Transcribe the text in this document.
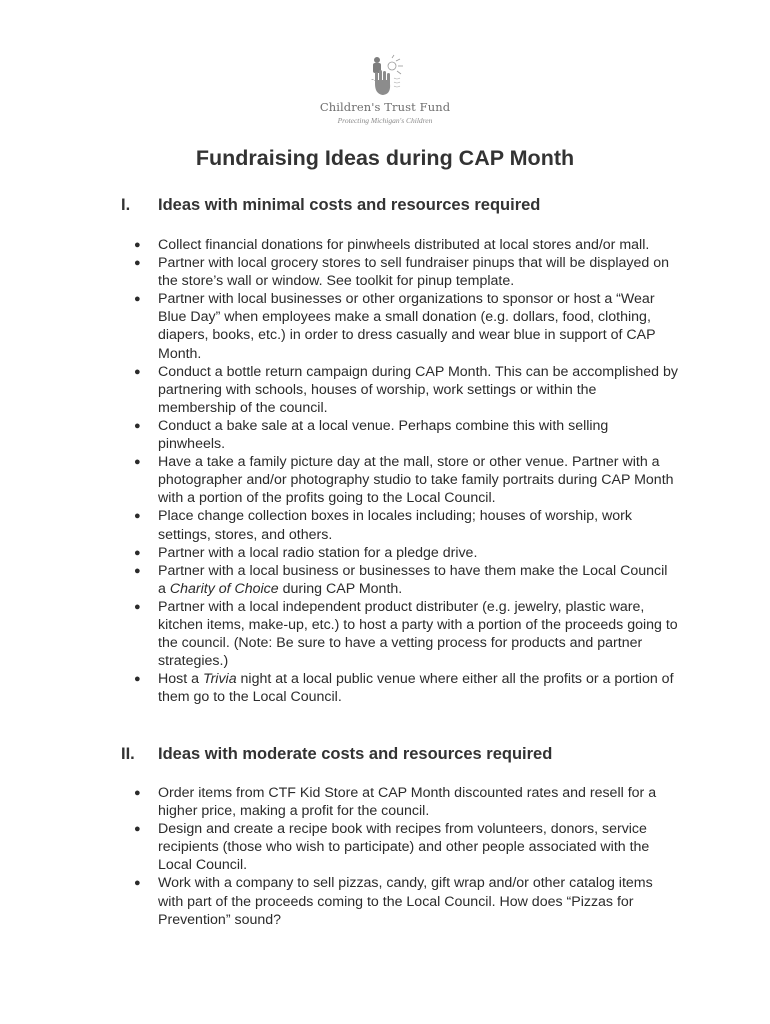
Children's Trust Fund
Protecting Michigan's Children
Fundraising Ideas during CAP Month
I. Ideas with minimal costs and resources required
● Collect financial donations for pinwheels distributed at local stores and/or mall.
● Partner with local grocery stores to sell fundraiser pinups that will be displayed on the store’s wall or window. See toolkit for pinup template.
● Partner with local businesses or other organizations to sponsor or host a “Wear Blue Day” when employees make a small donation (e.g. dollars, food, clothing, diapers, books, etc.) in order to dress casually and wear blue in support of CAP Month.
● Conduct a bottle return campaign during CAP Month. This can be accomplished by partnering with schools, houses of worship, work settings or within the membership of the council.
● Conduct a bake sale at a local venue. Perhaps combine this with selling pinwheels.
● Have a take a family picture day at the mall, store or other venue. Partner with a photographer and/or photography studio to take family portraits during CAP Month with a portion of the profits going to the Local Council.
● Place change collection boxes in locales including; houses of worship, work settings, stores, and others.
● Partner with a local radio station for a pledge drive.
● Partner with a local business or businesses to have them make the Local Council a Charity of Choice during CAP Month.
● Partner with a local independent product distributer (e.g. jewelry, plastic ware, kitchen items, make-up, etc.) to host a party with a portion of the proceeds going to the council. (Note: Be sure to have a vetting process for products and partner strategies.)
● Host a Trivia night at a local public venue where either all the profits or a portion of them go to the Local Council.
II. Ideas with moderate costs and resources required
● Order items from CTF Kid Store at CAP Month discounted rates and resell for a higher price, making a profit for the council.
● Design and create a recipe book with recipes from volunteers, donors, service recipients (those who wish to participate) and other people associated with the Local Council.
● Work with a company to sell pizzas, candy, gift wrap and/or other catalog items with part of the proceeds coming to the Local Council. How does “Pizzas for Prevention” sound?
